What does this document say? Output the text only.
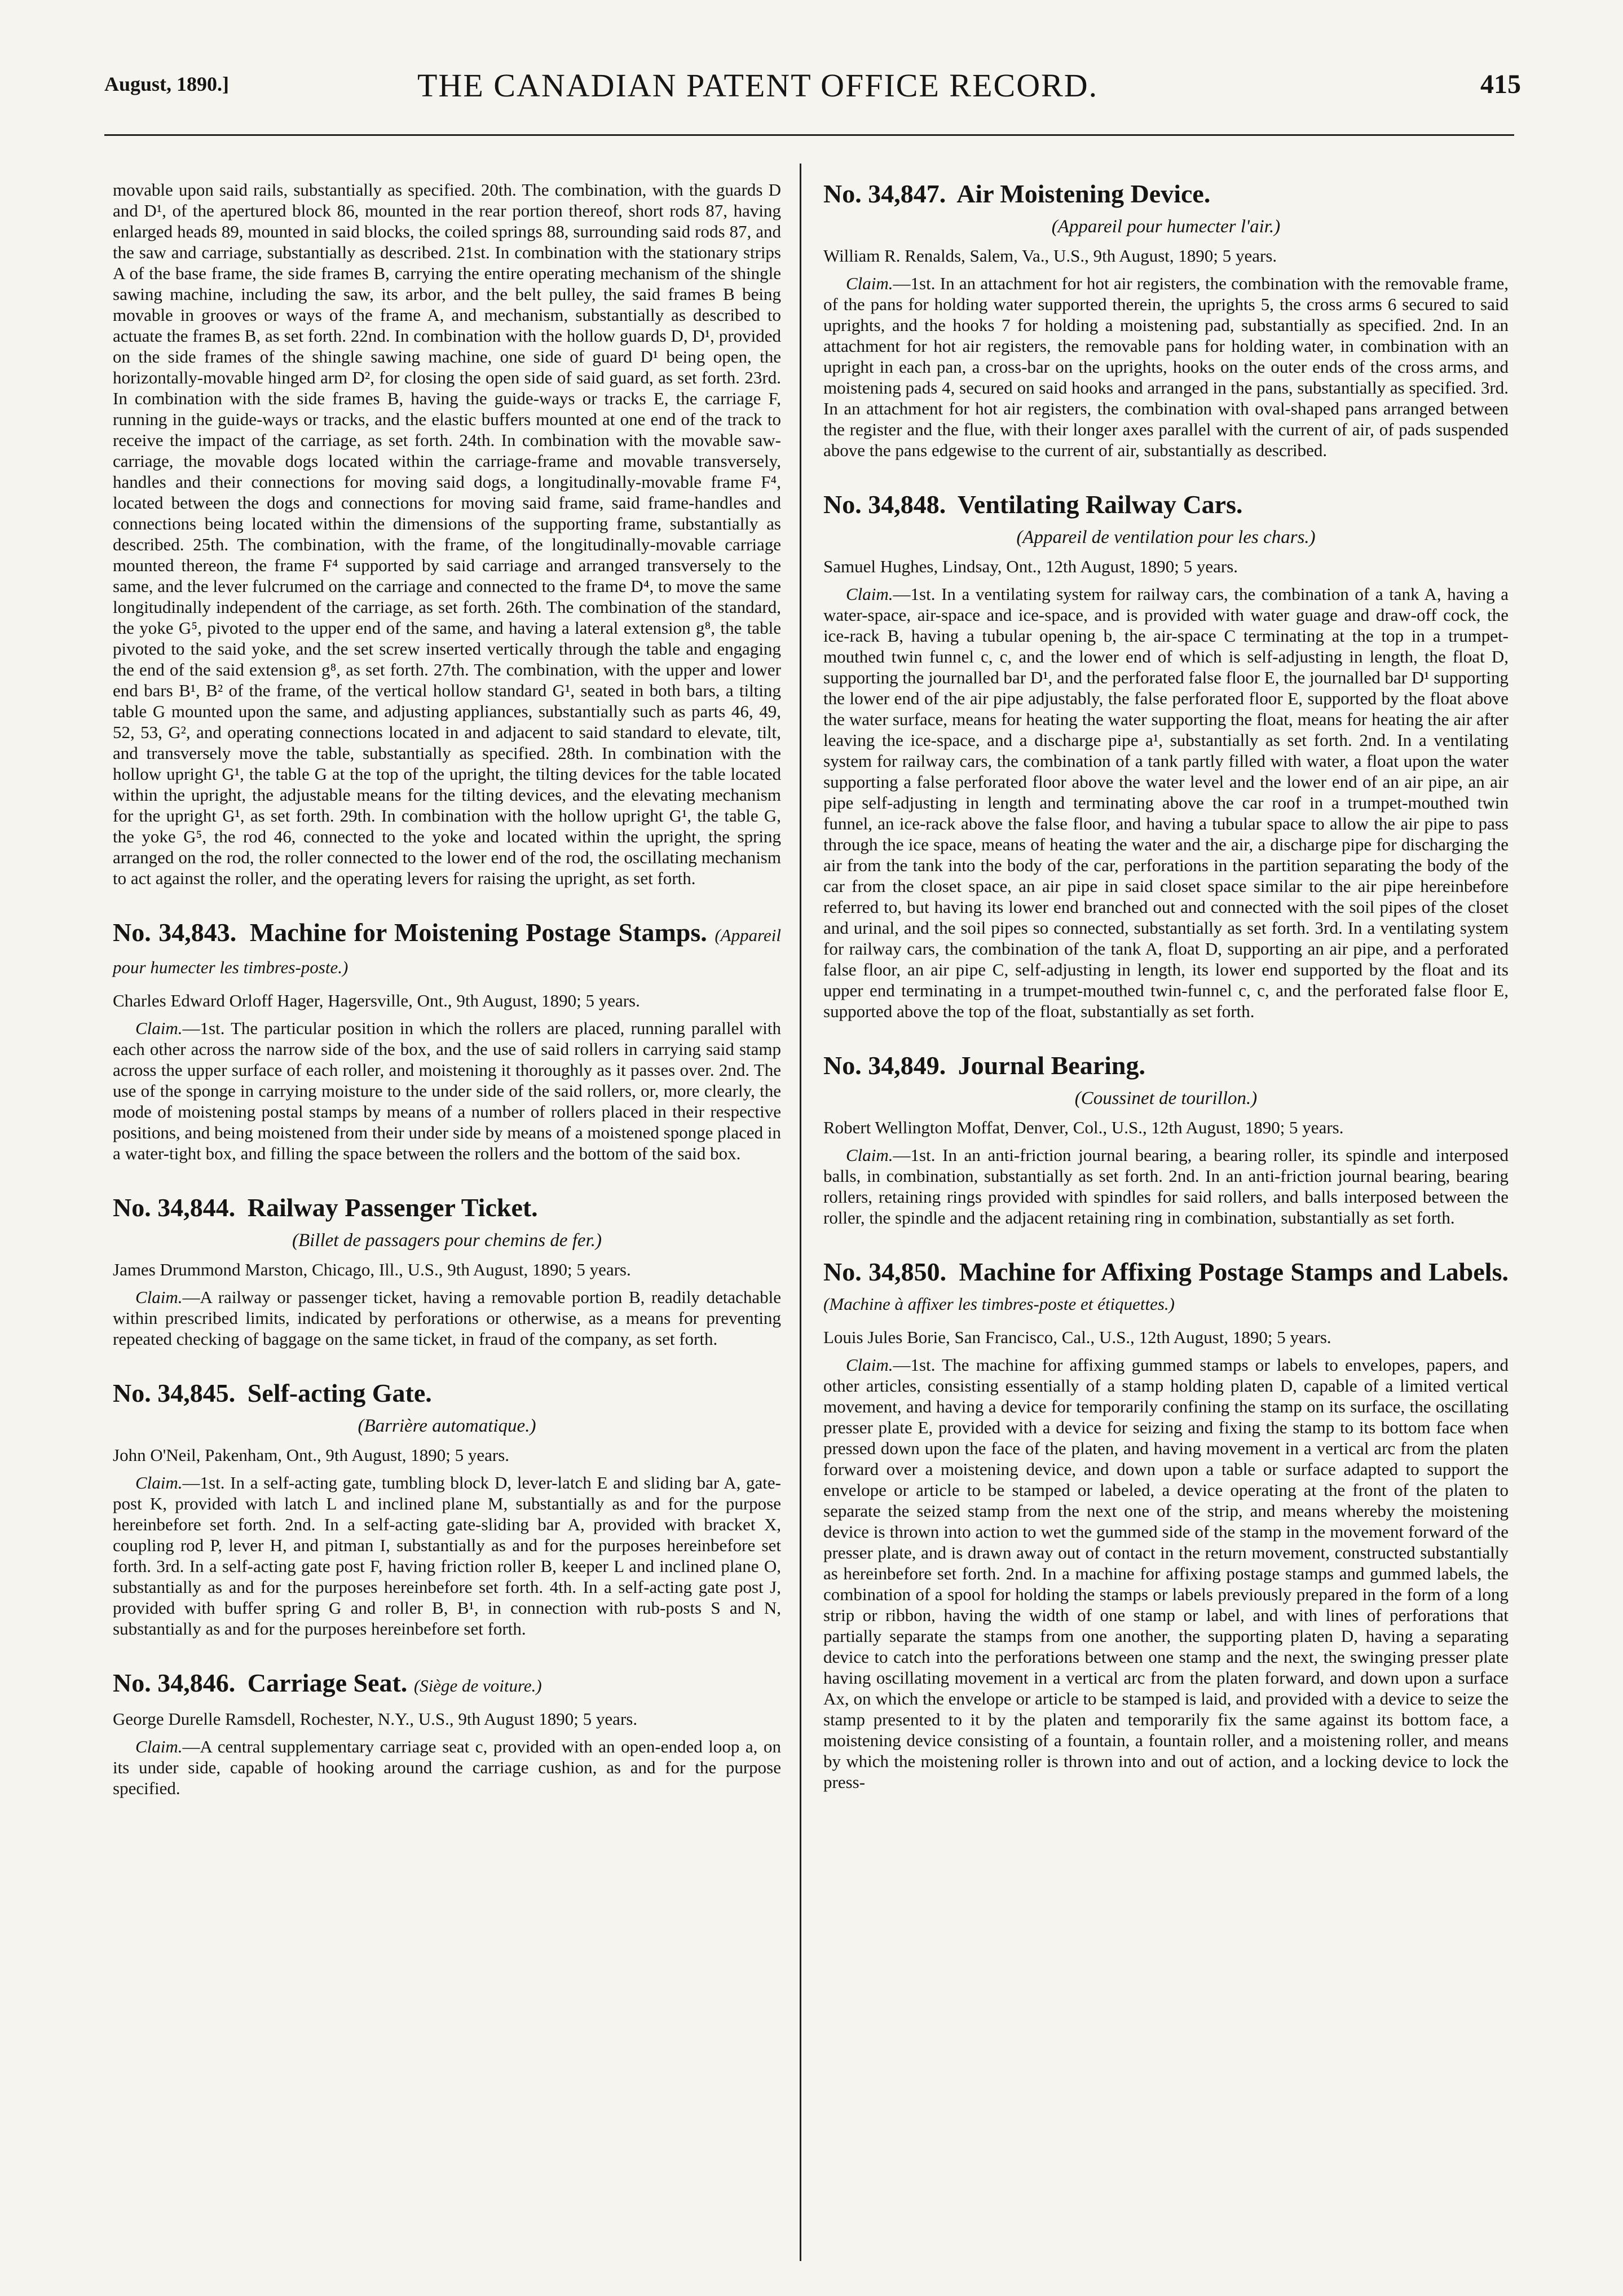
August, 1890.]	THE CANADIAN PATENT OFFICE RECORD.	415

movable upon said rails, substantially as specified. 20th. The combination, with the guards D and D¹, of the apertured block 86, mounted in the rear portion thereof, short rods 87, having enlarged heads 89, mounted in said blocks, the coiled springs 88, surrounding said rods 87, and the saw and carriage, substantially as described. 21st. In combination with the stationary strips A of the base frame, the side frames B, carrying the entire operating mechanism of the shingle sawing machine, including the saw, its arbor, and the belt pulley, the said frames B being movable in grooves or ways of the frame A, and mechanism, substantially as described to actuate the frames B, as set forth. 22nd. In combination with the hollow guards D, D¹, provided on the side frames of the shingle sawing machine, one side of guard D¹ being open, the horizontally-movable hinged arm D², for closing the open side of said guard, as set forth. 23rd. In combination with the side frames B, having the guide-ways or tracks E, the carriage F, running in the guide-ways or tracks, and the elastic buffers mounted at one end of the track to receive the impact of the carriage, as set forth. 24th. In combination with the movable saw-carriage, the movable dogs located within the carriage-frame and movable transversely, handles and their connections for moving said dogs, a longitudinally-movable frame F⁴, located between the dogs and connections for moving said frame, said frame-handles and connections being located within the dimensions of the supporting frame, substantially as described. 25th. The combination, with the frame, of the longitudinally-movable carriage mounted thereon, the frame F⁴ supported by said carriage and arranged transversely to the same, and the lever fulcrumed on the carriage and connected to the frame D⁴, to move the same longitudinally independent of the carriage, as set forth. 26th. The combination of the standard, the yoke G⁵, pivoted to the upper end of the same, and having a lateral extension g⁸, the table pivoted to the said yoke, and the set screw inserted vertically through the table and engaging the end of the said extension g⁸, as set forth. 27th. The combination, with the upper and lower end bars B¹, B² of the frame, of the vertical hollow standard G¹, seated in both bars, a tilting table G mounted upon the same, and adjusting appliances, substantially such as parts 46, 49, 52, 53, G², and operating connections located in and adjacent to said standard to elevate, tilt, and transversely move the table, substantially as specified. 28th. In combination with the hollow upright G¹, the table G at the top of the upright, the tilting devices for the table located within the upright, the adjustable means for the tilting devices, and the elevating mechanism for the upright G¹, as set forth. 29th. In combination with the hollow upright G¹, the table G, the yoke G⁵, the rod 46, connected to the yoke and located within the upright, the spring arranged on the rod, the roller connected to the lower end of the rod, the oscillating mechanism to act against the roller, and the operating levers for raising the upright, as set forth.

No. 34,843. Machine for Moistening Postage Stamps. (Appareil pour humecter les timbres-poste.)
Charles Edward Orloff Hager, Hagersville, Ont., 9th August, 1890; 5 years.

Claim.—1st. The particular position in which the rollers are placed, running parallel with each other across the narrow side of the box, and the use of said rollers in carrying said stamp across the upper surface of each roller, and moistening it thoroughly as it passes over. 2nd. The use of the sponge in carrying moisture to the under side of the said rollers, or, more clearly, the mode of moistening postal stamps by means of a number of rollers placed in their respective positions, and being moistened from their under side by means of a moistened sponge placed in a water-tight box, and filling the space between the rollers and the bottom of the said box.

No. 34,844. Railway Passenger Ticket.
(Billet de passagers pour chemins de fer.)
James Drummond Marston, Chicago, Ill., U.S., 9th August, 1890; 5 years.

Claim.—A railway or passenger ticket, having a removable portion B, readily detachable within prescribed limits, indicated by perforations or otherwise, as a means for preventing repeated checking of baggage on the same ticket, in fraud of the company, as set forth.

No. 34,845. Self-acting Gate.
(Barrière automatique.)
John O'Neil, Pakenham, Ont., 9th August, 1890; 5 years.

Claim.—1st. In a self-acting gate, tumbling block D, lever-latch E and sliding bar A, gate-post K, provided with latch L and inclined plane M, substantially as and for the purpose hereinbefore set forth. 2nd. In a self-acting gate-sliding bar A, provided with bracket X, coupling rod P, lever H, and pitman I, substantially as and for the purposes hereinbefore set forth. 3rd. In a self-acting gate post F, having friction roller B, keeper L and inclined plane O, substantially as and for the purposes hereinbefore set forth. 4th. In a self-acting gate post J, provided with buffer spring G and roller B, B¹, in connection with rub-posts S and N, substantially as and for the purposes hereinbefore set forth.

No. 34,846. Carriage Seat. (Siège de voiture.)
George Durelle Ramsdell, Rochester, N.Y., U.S., 9th August 1890; 5 years.

Claim.—A central supplementary carriage seat c, provided with an open-ended loop a, on its under side, capable of hooking around the carriage cushion, as and for the purpose specified.

No. 34,847. Air Moistening Device.
(Appareil pour humecter l'air.)
William R. Renalds, Salem, Va., U.S., 9th August, 1890; 5 years.

Claim.—1st. In an attachment for hot air registers, the combination with the removable frame, of the pans for holding water supported therein, the uprights 5, the cross arms 6 secured to said uprights, and the hooks 7 for holding a moistening pad, substantially as specified. 2nd. In an attachment for hot air registers, the removable pans for holding water, in combination with an upright in each pan, a cross-bar on the uprights, hooks on the outer ends of the cross arms, and moistening pads 4, secured on said hooks and arranged in the pans, substantially as specified. 3rd. In an attachment for hot air registers, the combination with oval-shaped pans arranged between the register and the flue, with their longer axes parallel with the current of air, of pads suspended above the pans edgewise to the current of air, substantially as described.

No. 34,848. Ventilating Railway Cars.
(Appareil de ventilation pour les chars.)
Samuel Hughes, Lindsay, Ont., 12th August, 1890; 5 years.

Claim.—1st. In a ventilating system for railway cars, the combination of a tank A, having a water-space, air-space and ice-space, and is provided with water guage and draw-off cock, the ice-rack B, having a tubular opening b, the air-space C terminating at the top in a trumpet-mouthed twin funnel c, c, and the lower end of which is self-adjusting in length, the float D, supporting the journalled bar D¹, and the perforated false floor E, the journalled bar D¹ supporting the lower end of the air pipe adjustably, the false perforated floor E, supported by the float above the water surface, means for heating the water supporting the float, means for heating the air after leaving the ice-space, and a discharge pipe a¹, substantially as set forth. 2nd. In a ventilating system for railway cars, the combination of a tank partly filled with water, a float upon the water supporting a false perforated floor above the water level and the lower end of an air pipe, an air pipe self-adjusting in length and terminating above the car roof in a trumpet-mouthed twin funnel, an ice-rack above the false floor, and having a tubular space to allow the air pipe to pass through the ice space, means of heating the water and the air, a discharge pipe for discharging the air from the tank into the body of the car, perforations in the partition separating the body of the car from the closet space, an air pipe in said closet space similar to the air pipe hereinbefore referred to, but having its lower end branched out and connected with the soil pipes of the closet and urinal, and the soil pipes so connected, substantially as set forth. 3rd. In a ventilating system for railway cars, the combination of the tank A, float D, supporting an air pipe, and a perforated false floor, an air pipe C, self-adjusting in length, its lower end supported by the float and its upper end terminating in a trumpet-mouthed twin-funnel c, c, and the perforated false floor E, supported above the top of the float, substantially as set forth.

No. 34,849. Journal Bearing.
(Coussinet de tourillon.)
Robert Wellington Moffat, Denver, Col., U.S., 12th August, 1890; 5 years.

Claim.—1st. In an anti-friction journal bearing, a bearing roller, its spindle and interposed balls, in combination, substantially as set forth. 2nd. In an anti-friction journal bearing, bearing rollers, retaining rings provided with spindles for said rollers, and balls interposed between the roller, the spindle and the adjacent retaining ring in combination, substantially as set forth.

No. 34,850. Machine for Affixing Postage Stamps and Labels. (Machine à affixer les timbres-poste et étiquettes.)
Louis Jules Borie, San Francisco, Cal., U.S., 12th August, 1890; 5 years.

Claim.—1st. The machine for affixing gummed stamps or labels to envelopes, papers, and other articles, consisting essentially of a stamp holding platen D, capable of a limited vertical movement, and having a device for temporarily confining the stamp on its surface, the oscillating presser plate E, provided with a device for seizing and fixing the stamp to its bottom face when pressed down upon the face of the platen, and having movement in a vertical arc from the platen forward over a moistening device, and down upon a table or surface adapted to support the envelope or article to be stamped or labeled, a device operating at the front of the platen to separate the seized stamp from the next one of the strip, and means whereby the moistening device is thrown into action to wet the gummed side of the stamp in the movement forward of the presser plate, and is drawn away out of contact in the return movement, constructed substantially as hereinbefore set forth. 2nd. In a machine for affixing postage stamps and gummed labels, the combination of a spool for holding the stamps or labels previously prepared in the form of a long strip or ribbon, having the width of one stamp or label, and with lines of perforations that partially separate the stamps from one another, the supporting platen D, having a separating device to catch into the perforations between one stamp and the next, the swinging presser plate having oscillating movement in a vertical arc from the platen forward, and down upon a surface Ax, on which the envelope or article to be stamped is laid, and provided with a device to seize the stamp presented to it by the platen and temporarily fix the same against its bottom face, a moistening device consisting of a fountain, a fountain roller, and a moistening roller, and means by which the moistening roller is thrown into and out of action, and a locking device to lock the press-
